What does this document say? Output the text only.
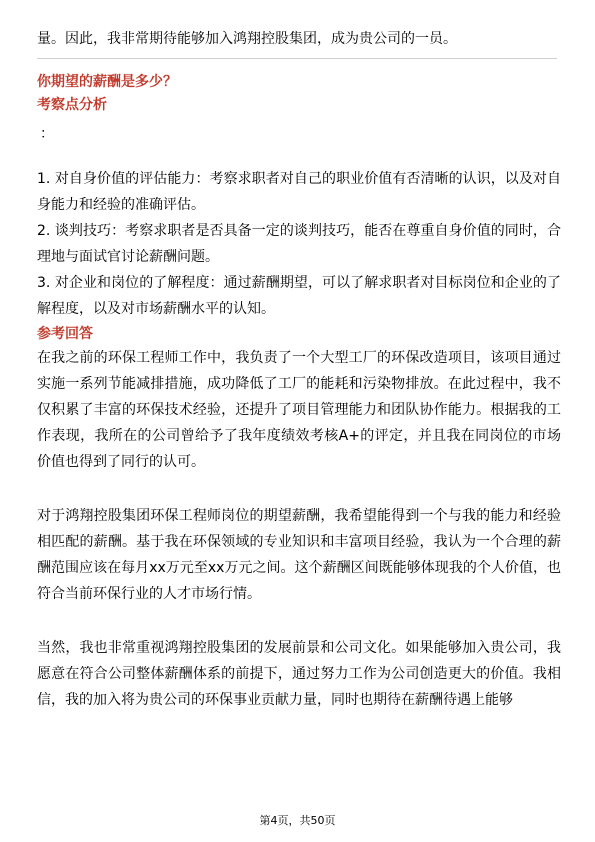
量。因此，我非常期待能够加入鸿翔控股集团，成为贵公司的一员。

你期望的薪酬是多少？
考察点分析

：

1. 对自身价值的评估能力：考察求职者对自己的职业价值有否清晰的认识，以及对自身能力和经验的准确评估。

2. 谈判技巧：考察求职者是否具备一定的谈判技巧，能否在尊重自身价值的同时，合理地与面试官讨论薪酬问题。

3. 对企业和岗位的了解程度：通过薪酬期望，可以了解求职者对目标岗位和企业的了解程度，以及对市场薪酬水平的认知。

参考回答

在我之前的环保工程师工作中，我负责了一个大型工厂的环保改造项目，该项目通过实施一系列节能减排措施，成功降低了工厂的能耗和污染物排放。在此过程中，我不仅积累了丰富的环保技术经验，还提升了项目管理能力和团队协作能力。根据我的工作表现，我所在的公司曾给予了我年度绩效考核A+的评定，并且我在同岗位的市场价值也得到了同行的认可。

对于鸿翔控股集团环保工程师岗位的期望薪酬，我希望能得到一个与我的能力和经验相匹配的薪酬。基于我在环保领域的专业知识和丰富项目经验，我认为一个合理的薪酬范围应该在每月xx万元至xx万元之间。这个薪酬区间既能够体现我的个人价值，也符合当前环保行业的人才市场行情。

当然，我也非常重视鸿翔控股集团的发展前景和公司文化。如果能够加入贵公司，我愿意在符合公司整体薪酬体系的前提下，通过努力工作为公司创造更大的价值。我相信，我的加入将为贵公司的环保事业贡献力量，同时也期待在薪酬待遇上能够

第4页，共50页
